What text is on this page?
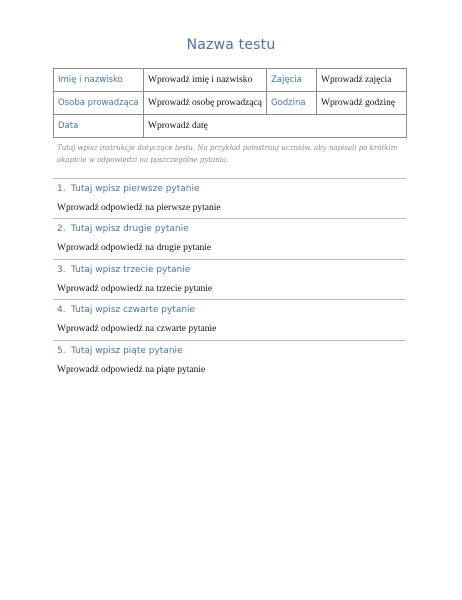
Nazwa testu
Imię i nazwisko	Wprowadź imię i nazwisko	Zajęcia	Wprowadź zajęcia
Osoba prowadząca	Wprowadź osobę prowadzącą	Godzina	Wprowadź godzinę
Data	Wprowadź datę		
Tutaj wpisz instrukcje dotyczące testu. Na przykład poinstruuj uczniów, aby napisali po krótkim akapicie w odpowiedzi na poszczególne pytania.
1. Tutaj wpisz pierwsze pytanie
Wprowadź odpowiedź na pierwsze pytanie
2. Tutaj wpisz drugie pytanie
Wprowadź odpowiedź na drugie pytanie
3. Tutaj wpisz trzecie pytanie
Wprowadź odpowiedź na trzecie pytanie
4. Tutaj wpisz czwarte pytanie
Wprowadź odpowiedź na czwarte pytanie
5. Tutaj wpisz piąte pytanie
Wprowadź odpowiedź na piąte pytanie
